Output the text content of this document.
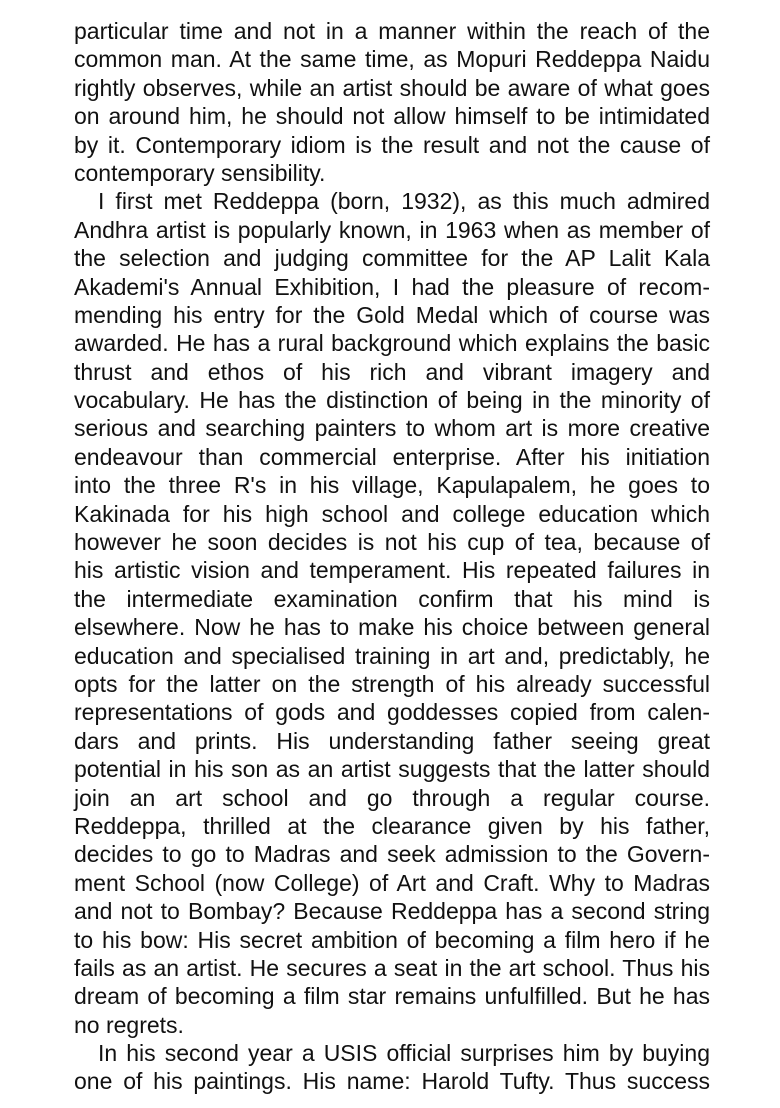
particular time and not in a manner within the reach of the
common man. At the same time, as Mopuri Reddeppa Naidu
rightly observes, while an artist should be aware of what goes
on around him, he should not allow himself to be intimidated
by it. Contemporary idiom is the result and not the cause of
contemporary sensibility.
I first met Reddeppa (born, 1932), as this much admired
Andhra artist is popularly known, in 1963 when as member of
the selection and judging committee for the AP Lalit Kala
Akademi's Annual Exhibition, I had the pleasure of recom-
mending his entry for the Gold Medal which of course was
awarded. He has a rural background which explains the basic
thrust and ethos of his rich and vibrant imagery and
vocabulary. He has the distinction of being in the minority of
serious and searching painters to whom art is more creative
endeavour than commercial enterprise. After his initiation
into the three R's in his village, Kapulapalem, he goes to
Kakinada for his high school and college education which
however he soon decides is not his cup of tea, because of
his artistic vision and temperament. His repeated failures in
the intermediate examination confirm that his mind is
elsewhere. Now he has to make his choice between general
education and specialised training in art and, predictably, he
opts for the latter on the strength of his already successful
representations of gods and goddesses copied from calen-
dars and prints. His understanding father seeing great
potential in his son as an artist suggests that the latter should
join an art school and go through a regular course.
Reddeppa, thrilled at the clearance given by his father,
decides to go to Madras and seek admission to the Govern-
ment School (now College) of Art and Craft. Why to Madras
and not to Bombay? Because Reddeppa has a second string
to his bow: His secret ambition of becoming a film hero if he
fails as an artist. He secures a seat in the art school. Thus his
dream of becoming a film star remains unfulfilled. But he has
no regrets.
In his second year a USIS official surprises him by buying
one of his paintings. His name: Harold Tufty. Thus success
